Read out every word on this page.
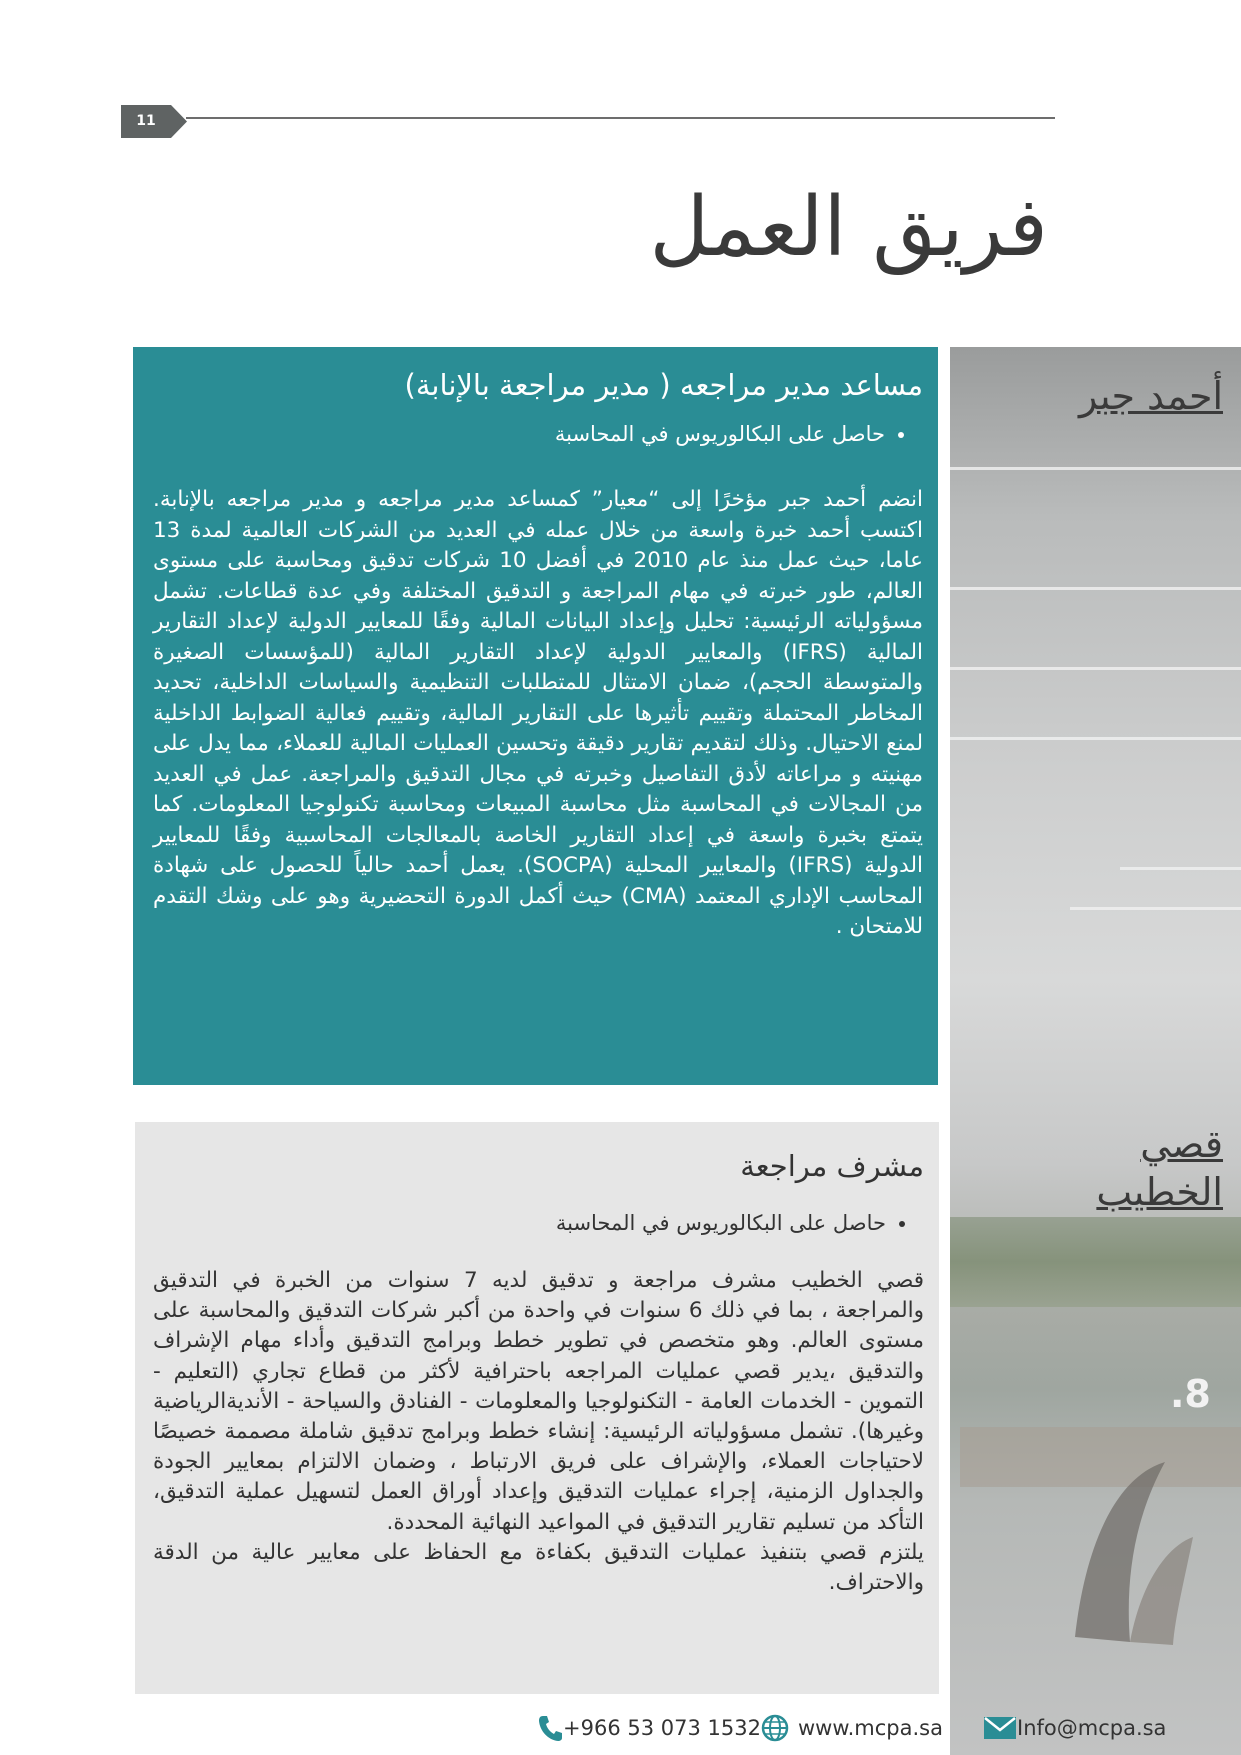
11
فريق العمل
.8
أحمد جبر
قصي الخطيب
مساعد مدير مراجعه ( مدير مراجعة بالإنابة)
• حاصل على البكالوريوس في المحاسبة

انضم أحمد جبر مؤخرًا إلى “معيار” كمساعد مدير مراجعه و مدير مراجعه بالإنابة. اكتسب أحمد خبرة واسعة من خلال عمله في العديد من الشركات العالمية لمدة 13 عاما، حيث عمل منذ عام 2010 في أفضل 10 شركات تدقيق ومحاسبة على مستوى العالم، طور خبرته في مهام المراجعة و التدقيق المختلفة وفي عدة قطاعات. تشمل مسؤولياته الرئيسية: تحليل وإعداد البيانات المالية وفقًا للمعايير الدولية لإعداد التقارير المالية (IFRS) والمعايير الدولية لإعداد التقارير المالية (للمؤسسات الصغيرة والمتوسطة الحجم)، ضمان الامتثال للمتطلبات التنظيمية والسياسات الداخلية، تحديد المخاطر المحتملة وتقييم تأثيرها على التقارير المالية، وتقييم فعالية الضوابط الداخلية لمنع الاحتيال. وذلك لتقديم تقارير دقيقة وتحسين العمليات المالية للعملاء، مما يدل على مهنيته و مراعاته لأدق التفاصيل وخبرته في مجال التدقيق والمراجعة. عمل في العديد من المجالات في المحاسبة مثل محاسبة المبيعات ومحاسبة تكنولوجيا المعلومات. كما يتمتع بخبرة واسعة في إعداد التقارير الخاصة بالمعالجات المحاسبية وفقًا للمعايير الدولية (IFRS) والمعايير المحلية (SOCPA). يعمل أحمد حالياً للحصول على شهادة المحاسب الإداري المعتمد (CMA) حيث أكمل الدورة التحضيرية وهو على وشك التقدم للامتحان .

مشرف مراجعة
• حاصل على البكالوريوس في المحاسبة

قصي الخطيب مشرف مراجعة و تدقيق لديه 7 سنوات من الخبرة في التدقيق والمراجعة ، بما في ذلك 6 سنوات في واحدة من أكبر شركات التدقيق والمحاسبة على مستوى العالم. وهو متخصص في تطوير خطط وبرامج التدقيق وأداء مهام الإشراف والتدقيق ،يدير قصي عمليات المراجعه باحترافية لأكثر من قطاع تجاري (التعليم - التموين - الخدمات العامة - التكنولوجيا والمعلومات - الفنادق والسياحة - الأنديةالرياضية وغيرها). تشمل مسؤولياته الرئيسية: إنشاء خطط وبرامج تدقيق شاملة مصممة خصيصًا لاحتياجات العملاء، والإشراف على فريق الارتباط ، وضمان الالتزام بمعايير الجودة والجداول الزمنية، إجراء عمليات التدقيق وإعداد أوراق العمل لتسهيل عملية التدقيق، التأكد من تسليم تقارير التدقيق في المواعيد النهائية المحددة.

يلتزم قصي بتنفيذ عمليات التدقيق بكفاءة مع الحفاظ على معايير عالية من الدقة والاحتراف.

+966 53 073 1532 www.mcpa.sa	Info@mcpa.sa
